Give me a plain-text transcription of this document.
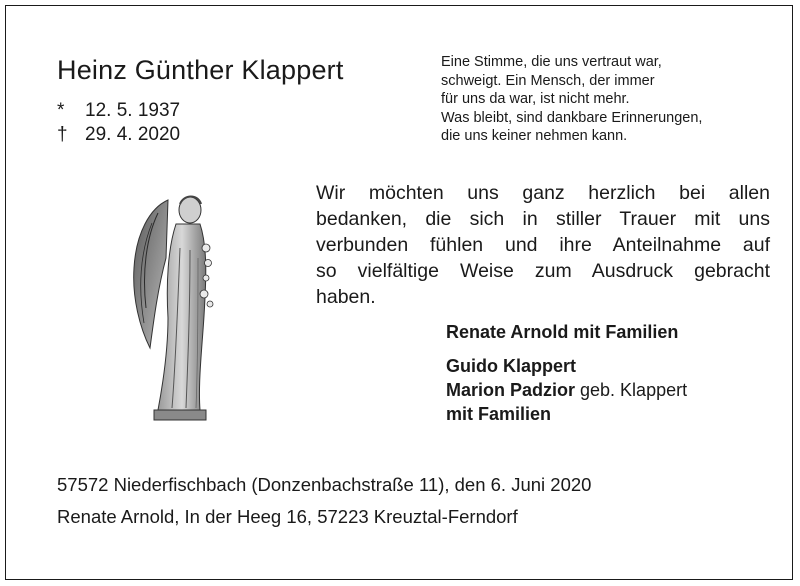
Heinz Günther Klappert
* 12. 5. 1937
† 29. 4. 2020
Eine Stimme, die uns vertraut war,
schweigt. Ein Mensch, der immer
für uns da war, ist nicht mehr.
Was bleibt, sind dankbare Erinnerungen,
die uns keiner nehmen kann.
Wir möchten uns ganz herzlich bei allen
bedanken, die sich in stiller Trauer mit uns
verbunden fühlen und ihre Anteilnahme auf
so vielfältige Weise zum Ausdruck gebracht
haben.
Renate Arnold mit Familien
Guido Klappert
Marion Padzior geb. Klappert
mit Familien
57572 Niederfischbach (Donzenbachstraße 11), den 6. Juni 2020
Renate Arnold, In der Heeg 16, 57223 Kreuztal-Ferndorf
